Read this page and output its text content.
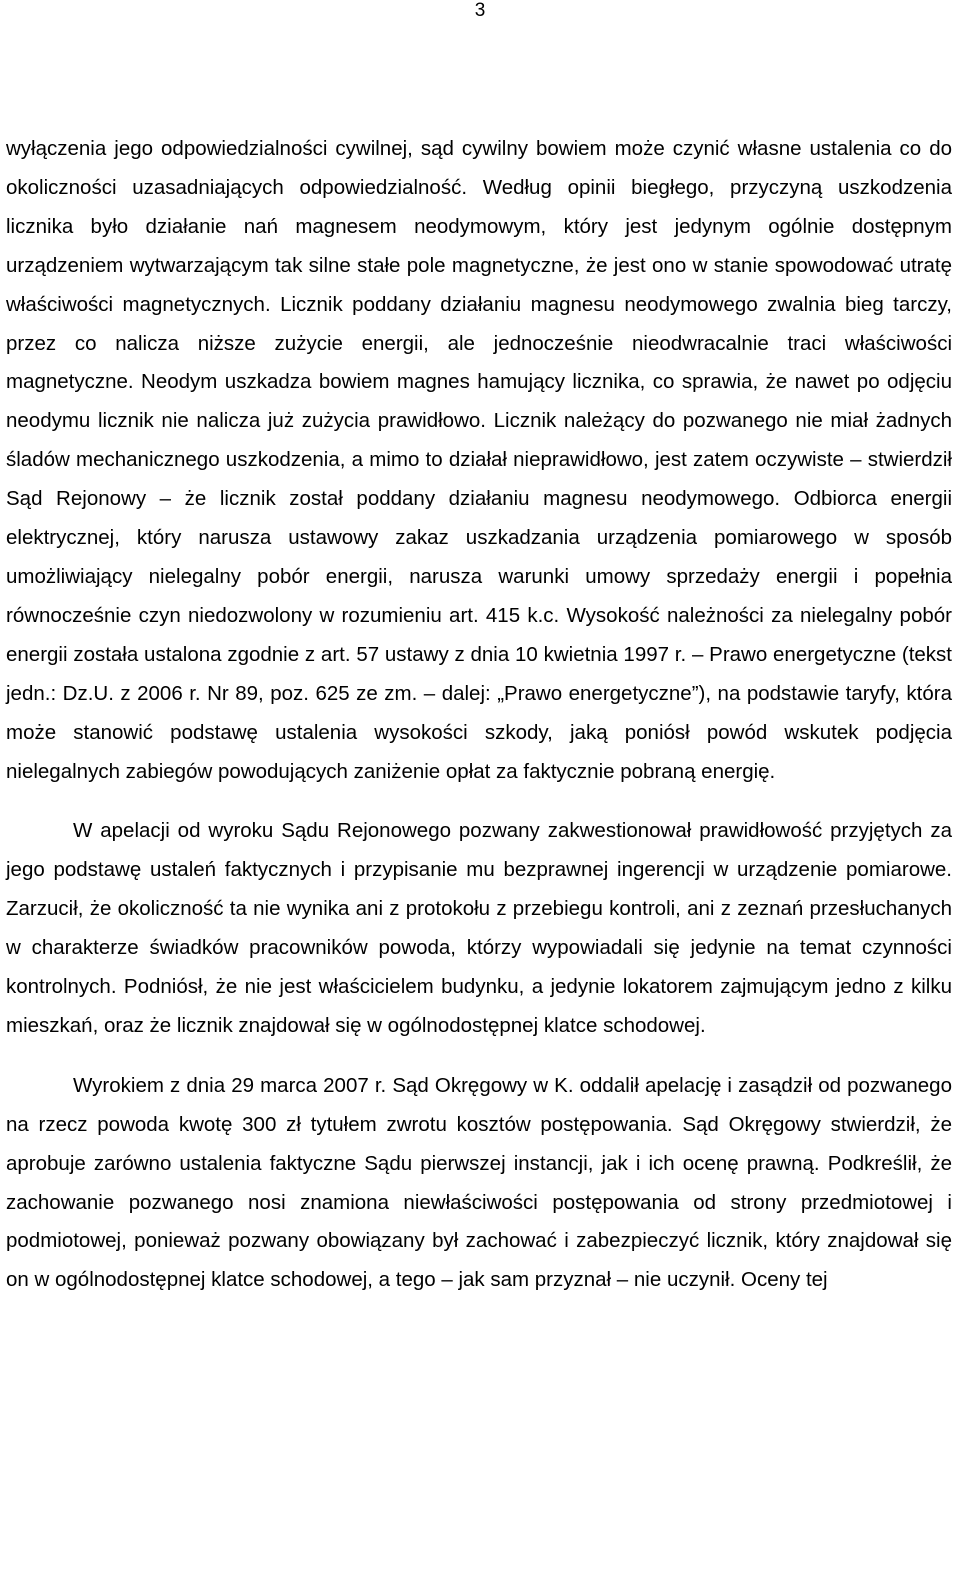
3

wyłączenia jego odpowiedzialności cywilnej, sąd cywilny bowiem może czynić własne ustalenia co do okoliczności uzasadniających odpowiedzialność. Według opinii biegłego, przyczyną uszkodzenia licznika było działanie nań magnesem neodymowym, który jest jedynym ogólnie dostępnym urządzeniem wytwarzającym tak silne stałe pole magnetyczne, że jest ono w stanie spowodować utratę właściwości magnetycznych. Licznik poddany działaniu magnesu neodymowego zwalnia bieg tarczy, przez co nalicza niższe zużycie energii, ale jednocześnie nieodwracalnie traci właściwości magnetyczne. Neodym uszkadza bowiem magnes hamujący licznika, co sprawia, że nawet po odjęciu neodymu licznik nie nalicza już zużycia prawidłowo. Licznik należący do pozwanego nie miał żadnych śladów mechanicznego uszkodzenia, a mimo to działał nieprawidłowo, jest zatem oczywiste – stwierdził Sąd Rejonowy – że licznik został poddany działaniu magnesu neodymowego. Odbiorca energii elektrycznej, który narusza ustawowy zakaz uszkadzania urządzenia pomiarowego w sposób umożliwiający nielegalny pobór energii, narusza warunki umowy sprzedaży energii i popełnia równocześnie czyn niedozwolony w rozumieniu art. 415 k.c. Wysokość należności za nielegalny pobór energii została ustalona zgodnie z art. 57 ustawy z dnia 10 kwietnia 1997 r. – Prawo energetyczne (tekst jedn.: Dz.U. z 2006 r. Nr 89, poz. 625 ze zm. – dalej: „Prawo energetyczne”), na podstawie taryfy, która może stanowić podstawę ustalenia wysokości szkody, jaką poniósł powód wskutek podjęcia nielegalnych zabiegów powodujących zaniżenie opłat za faktycznie pobraną energię.

W apelacji od wyroku Sądu Rejonowego pozwany zakwestionował prawidłowość przyjętych za jego podstawę ustaleń faktycznych i przypisanie mu bezprawnej ingerencji w urządzenie pomiarowe. Zarzucił, że okoliczność ta nie wynika ani z protokołu z przebiegu kontroli, ani z zeznań przesłuchanych w charakterze świadków pracowników powoda, którzy wypowiadali się jedynie na temat czynności kontrolnych. Podniósł, że nie jest właścicielem budynku, a jedynie lokatorem zajmującym jedno z kilku mieszkań, oraz że licznik znajdował się w ogólnodostępnej klatce schodowej.

Wyrokiem z dnia 29 marca 2007 r. Sąd Okręgowy w K. oddalił apelację i zasądził od pozwanego na rzecz powoda kwotę 300 zł tytułem zwrotu kosztów postępowania. Sąd Okręgowy stwierdził, że aprobuje zarówno ustalenia faktyczne Sądu pierwszej instancji, jak i ich ocenę prawną. Podkreślił, że zachowanie pozwanego nosi znamiona niewłaściwości postępowania od strony przedmiotowej i podmiotowej, ponieważ pozwany obowiązany był zachować i zabezpieczyć licznik, który znajdował się on w ogólnodostępnej klatce schodowej, a tego – jak sam przyznał – nie uczynił. Oceny tej
